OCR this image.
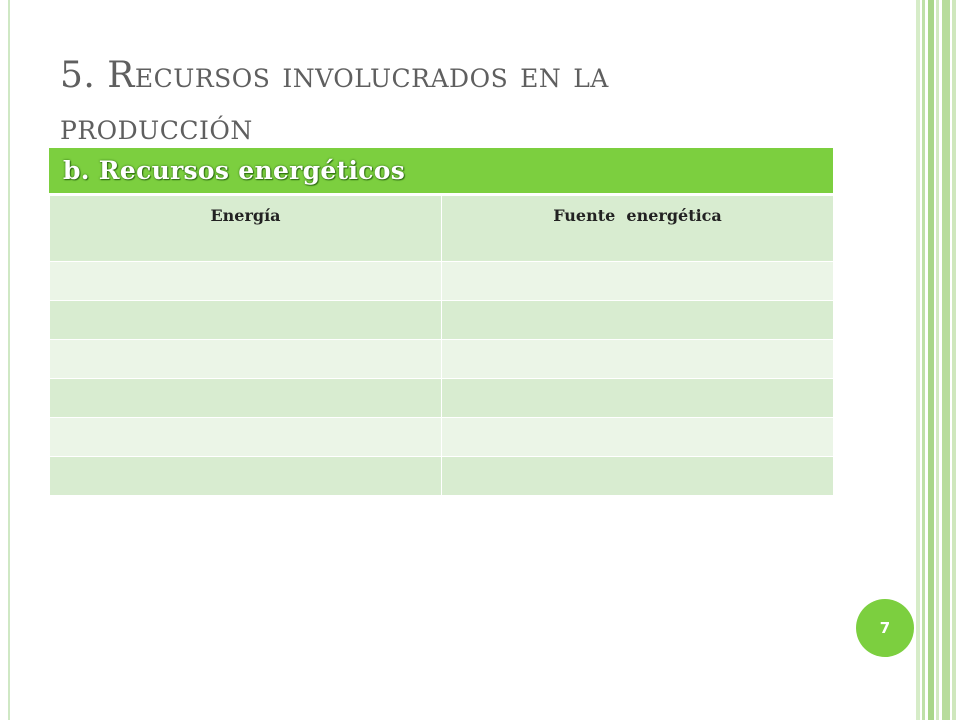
5. Recursos involucrados en la
producción
b. Recursos energéticos
Energía	Fuente  energética

7
